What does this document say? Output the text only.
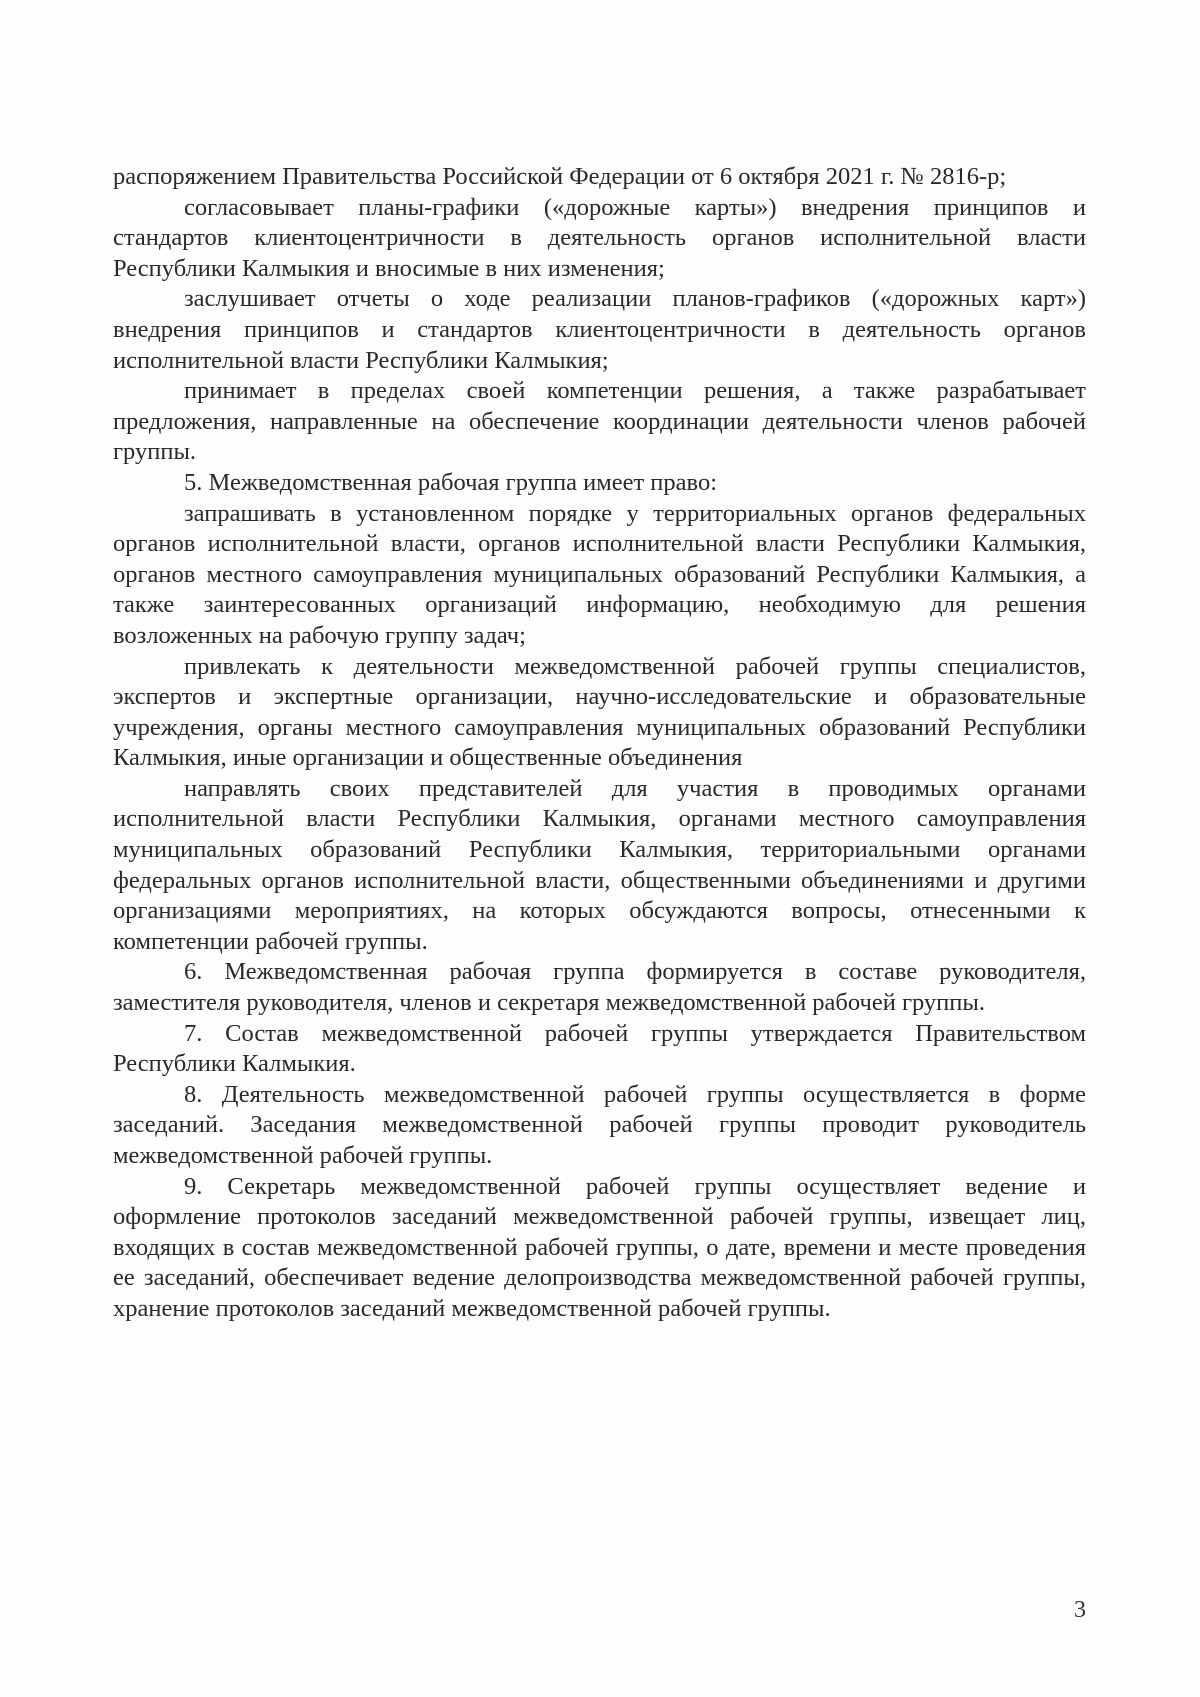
распоряжением Правительства Российской Федерации от 6 октября 2021 г. № 2816-р;

согласовывает планы-графики («дорожные карты») внедрения принципов и стандартов клиентоцентричности в деятельность органов исполнительной власти Республики Калмыкия и вносимые в них изменения;

заслушивает отчеты о ходе реализации планов-графиков («дорожных карт») внедрения принципов и стандартов клиентоцентричности в деятельность органов исполнительной власти Республики Калмыкия;

принимает в пределах своей компетенции решения, а также разрабатывает предложения, направленные на обеспечение координации деятельности членов рабочей группы.

5. Межведомственная рабочая группа имеет право:

запрашивать в установленном порядке у территориальных органов федеральных органов исполнительной власти, органов исполнительной власти Республики Калмыкия, органов местного самоуправления муниципальных образований Республики Калмыкия, а также заинтересованных организаций информацию, необходимую для решения возложенных на рабочую группу задач;

привлекать к деятельности межведомственной рабочей группы специалистов, экспертов и экспертные организации, научно-исследовательские и образовательные учреждения, органы местного самоуправления муниципальных образований Республики Калмыкия, иные организации и общественные объединения

направлять своих представителей для участия в проводимых органами исполнительной власти Республики Калмыкия, органами местного самоуправления муниципальных образований Республики Калмыкия, территориальными органами федеральных органов исполнительной власти, общественными объединениями и другими организациями мероприятиях, на которых обсуждаются вопросы, отнесенными к компетенции рабочей группы.

6. Межведомственная рабочая группа формируется в составе руководителя, заместителя руководителя, членов и секретаря межведомственной рабочей группы.

7. Состав межведомственной рабочей группы утверждается Правительством Республики Калмыкия.

8. Деятельность межведомственной рабочей группы осуществляется в форме заседаний. Заседания межведомственной рабочей группы проводит руководитель межведомственной рабочей группы.

9. Секретарь межведомственной рабочей группы осуществляет ведение и оформление протоколов заседаний межведомственной рабочей группы, извещает лиц, входящих в состав межведомственной рабочей группы, о дате, времени и месте проведения ее заседаний, обеспечивает ведение делопроизводства межведомственной рабочей группы, хранение протоколов заседаний межведомственной рабочей группы.

3
